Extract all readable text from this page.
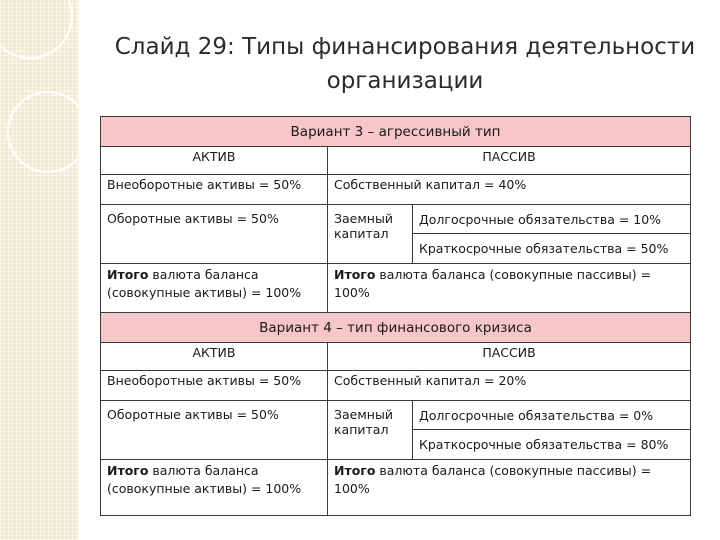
Слайд 29: Типы финансирования деятельности организации
Вариант 3 – агрессивный тип		
АКТИВ	ПАССИВ	
Внеоборотные активы = 50%	Собственный капитал = 40%	
Оборотные активы = 50%	Заемный капитал	Долгосрочные обязательства = 10%
		Краткосрочные обязательства = 50%
Итого валюта баланса (совокупные активы) = 100%	Итого валюта баланса (совокупные пассивы) = 100%	
Вариант 4 – тип финансового кризиса		
АКТИВ	ПАССИВ	
Внеоборотные активы = 50%	Собственный капитал = 20%	
Оборотные активы = 50%	Заемный капитал	Долгосрочные обязательства = 0%
		Краткосрочные обязательства = 80%
Итого валюта баланса (совокупные активы) = 100%	Итого валюта баланса (совокупные пассивы) = 100%	
